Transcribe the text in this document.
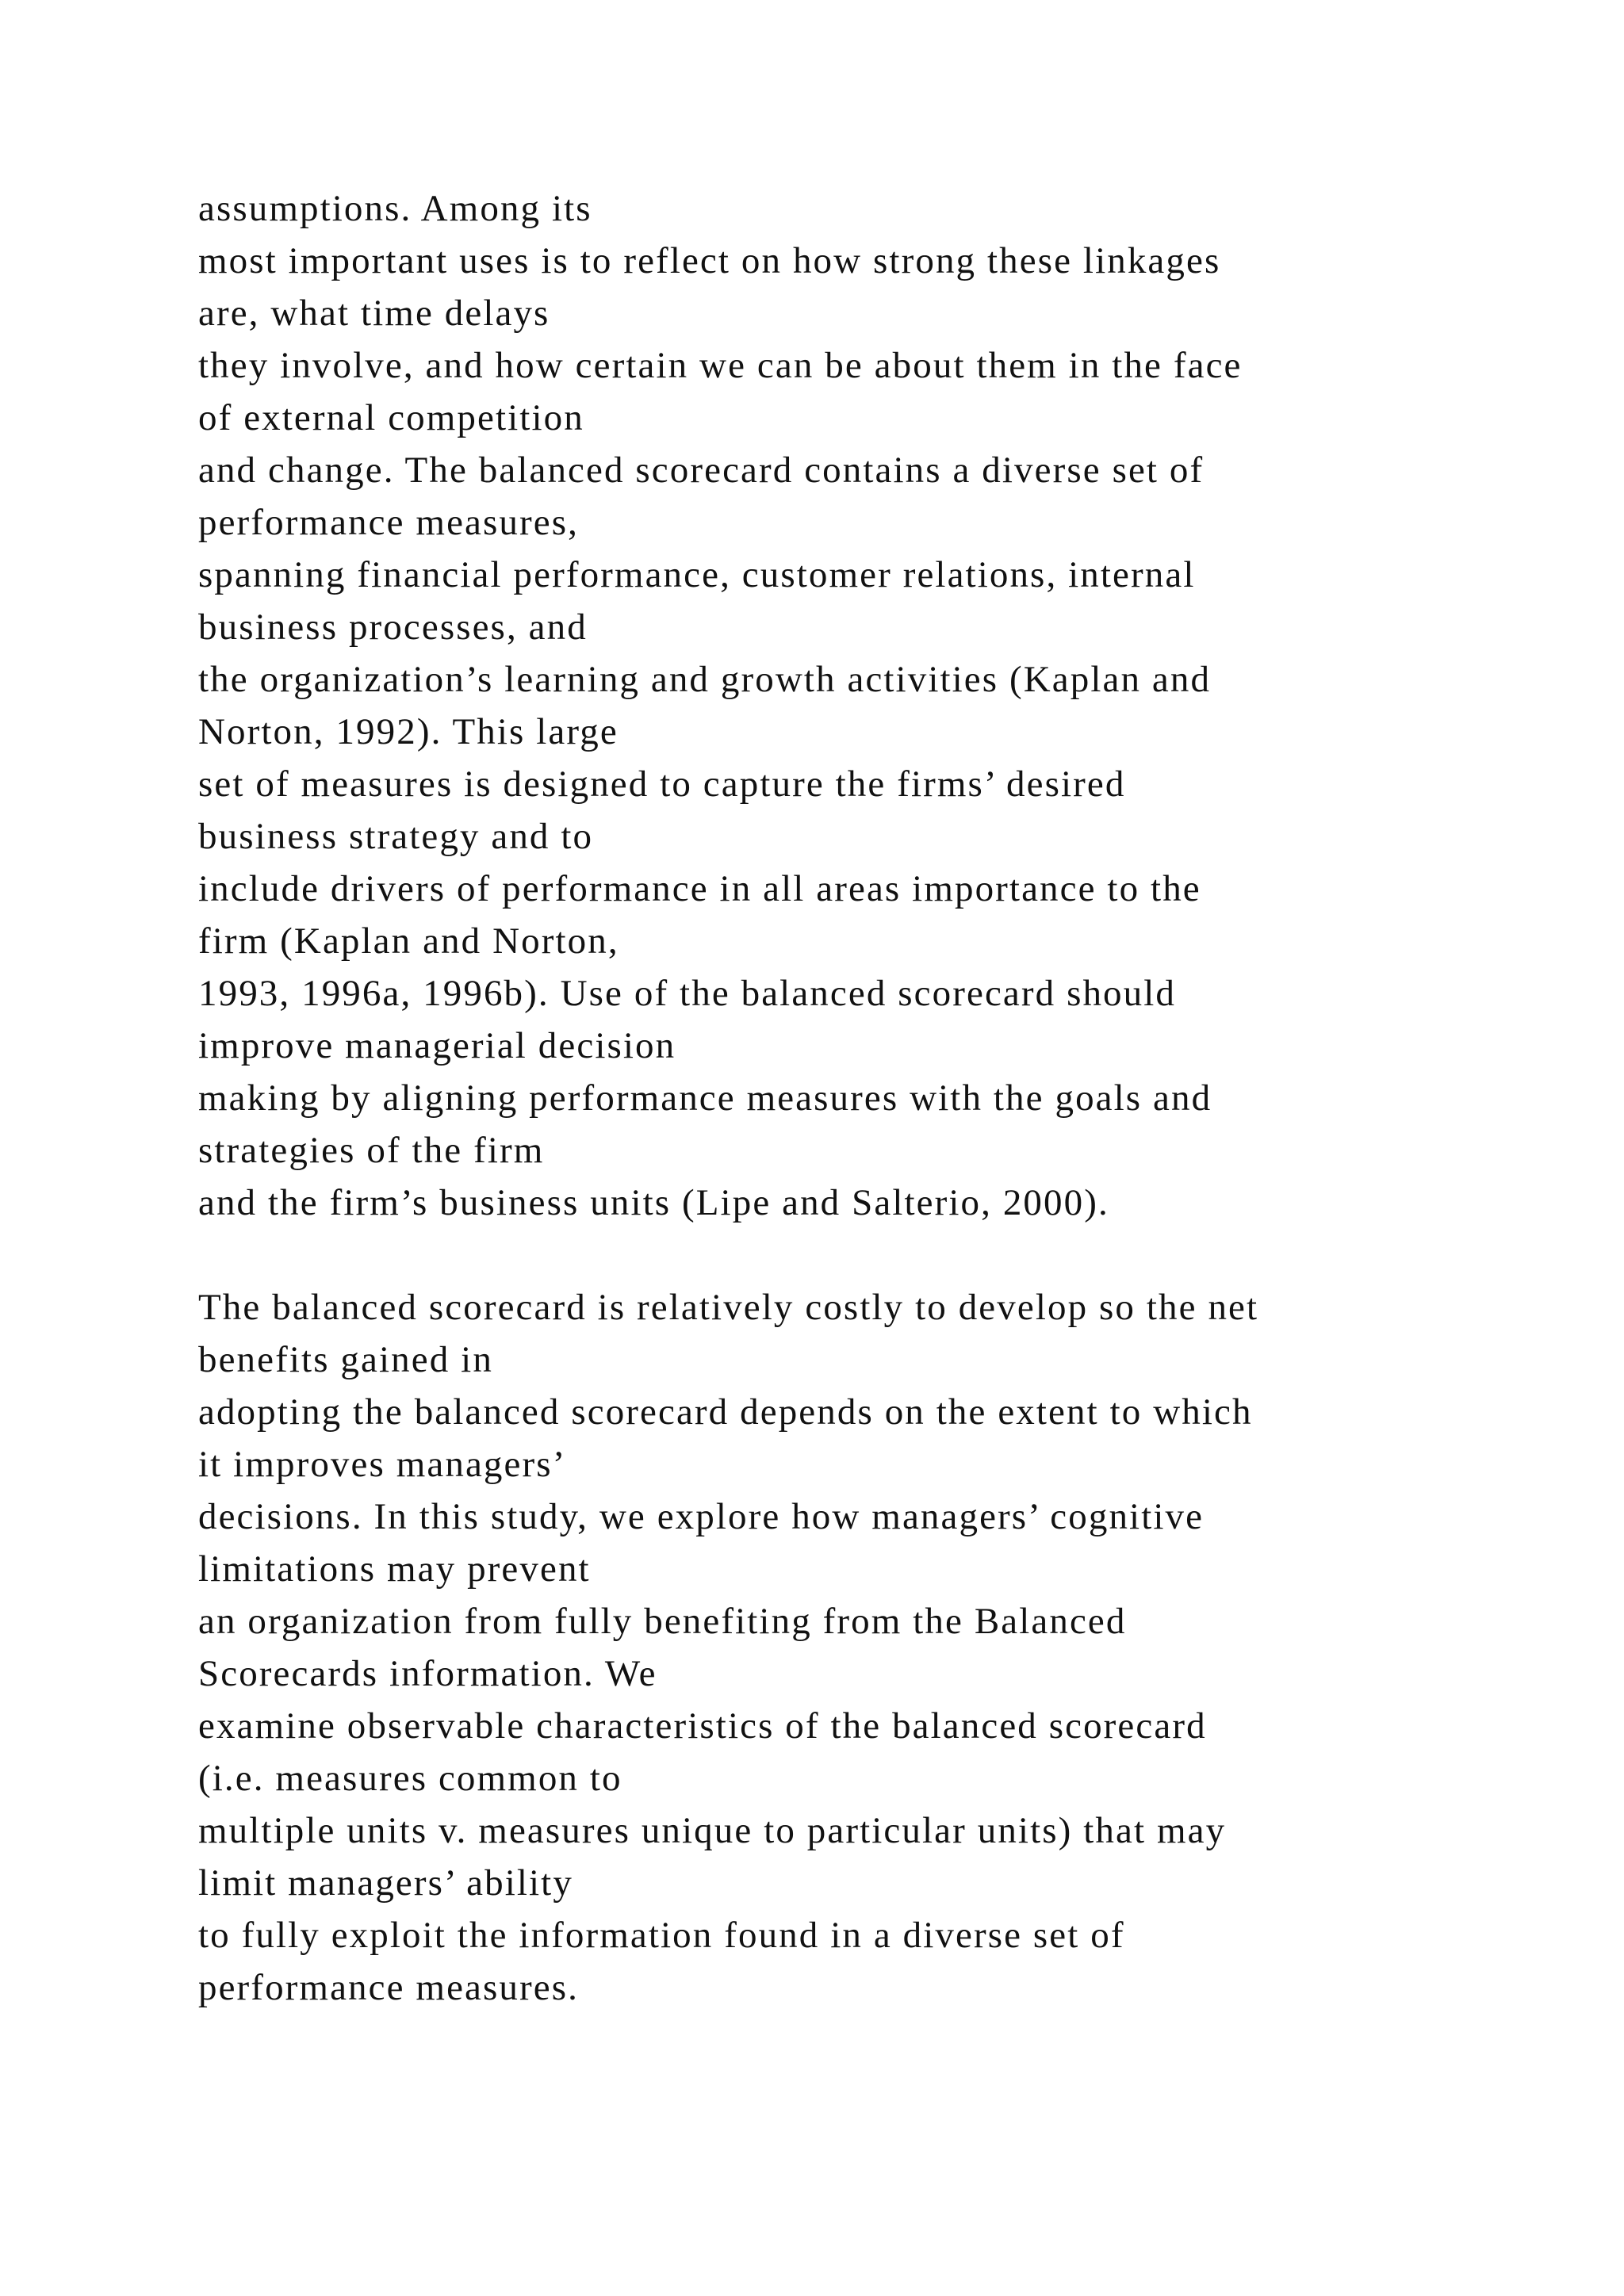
assumptions. Among its
most important uses is to reflect on how strong these linkages
are, what time delays
they involve, and how certain we can be about them in the face
of external competition
and change. The balanced scorecard contains a diverse set of
performance measures,
spanning financial performance, customer relations, internal
business processes, and
the organization’s learning and growth activities (Kaplan and
Norton, 1992). This large
set of measures is designed to capture the firms’ desired
business strategy and to
include drivers of performance in all areas importance to the
firm (Kaplan and Norton,
1993, 1996a, 1996b). Use of the balanced scorecard should
improve managerial decision
making by aligning performance measures with the goals and
strategies of the firm
and the firm’s business units (Lipe and Salterio, 2000).
The balanced scorecard is relatively costly to develop so the net
benefits gained in
adopting the balanced scorecard depends on the extent to which
it improves managers’
decisions. In this study, we explore how managers’ cognitive
limitations may prevent
an organization from fully benefiting from the Balanced
Scorecards information. We
examine observable characteristics of the balanced scorecard
(i.e. measures common to
multiple units v. measures unique to particular units) that may
limit managers’ ability
to fully exploit the information found in a diverse set of
performance measures.
